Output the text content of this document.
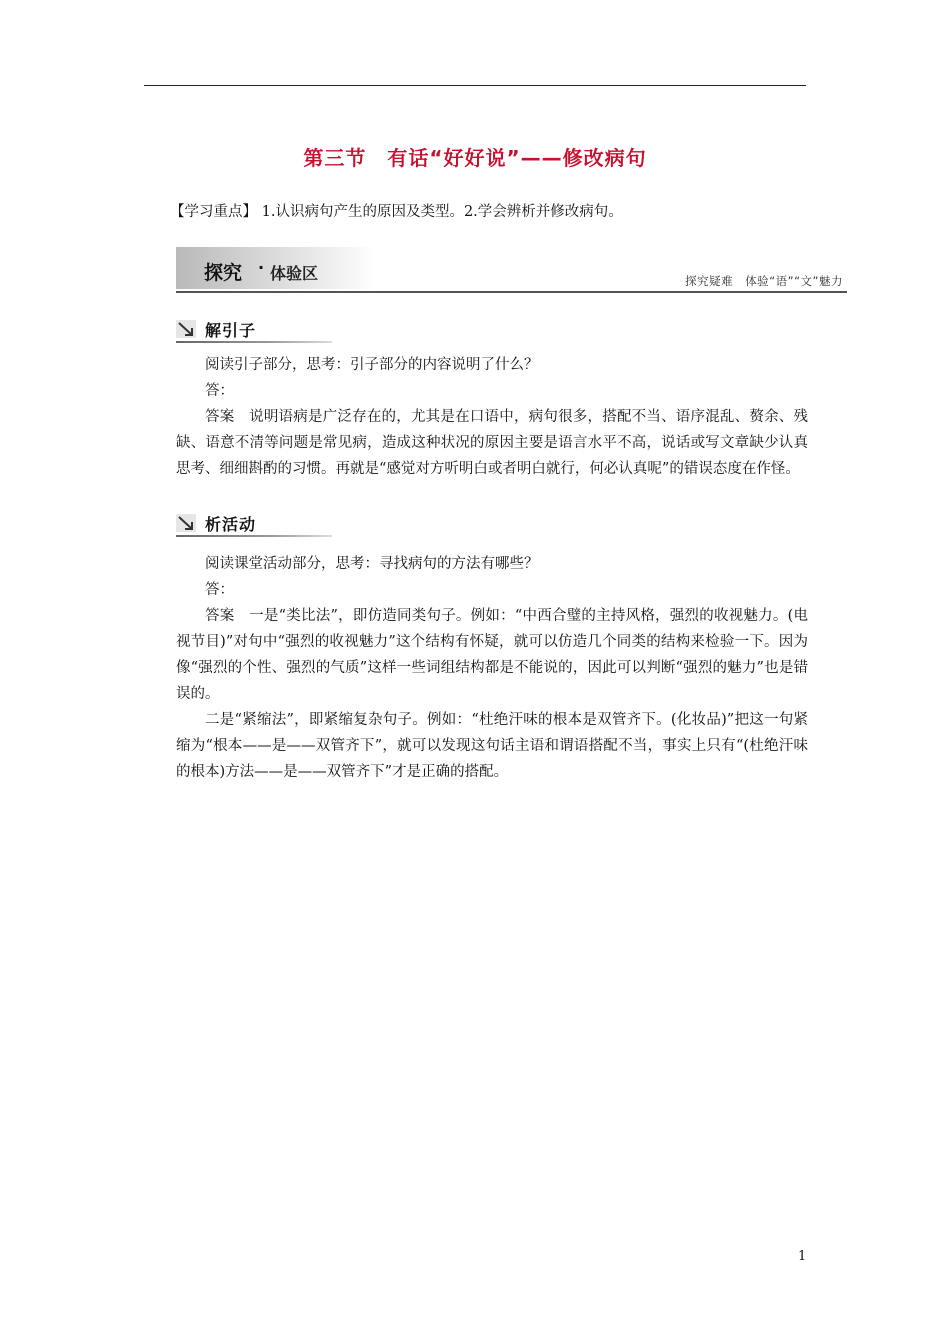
第三节　有话“好好说”——修改病句
【学习重点】 1.认识病句产生的原因及类型。2.学会辨析并修改病句。
探究 · 体验区	探究疑难　体验“语”“文”魅力
解引子

阅读引子部分，思考：引子部分的内容说明了什么？

答：

答案　说明语病是广泛存在的，尤其是在口语中，病句很多，搭配不当、语序混乱、赘余、残缺、语意不清等问题是常见病，造成这种状况的原因主要是语言水平不高，说话或写文章缺少认真思考、细细斟酌的习惯。再就是“感觉对方听明白或者明白就行，何必认真呢”的错误态度在作怪。

析活动

阅读课堂活动部分，思考：寻找病句的方法有哪些？

答：

答案　一是“类比法”，即仿造同类句子。例如：“中西合璧的主持风格，强烈的收视魅力。(电视节目)”对句中“强烈的收视魅力”这个结构有怀疑，就可以仿造几个同类的结构来检验一下。因为像“强烈的个性、强烈的气质”这样一些词组结构都是不能说的，因此可以判断“强烈的魅力”也是错误的。

二是“紧缩法”，即紧缩复杂句子。例如：“杜绝汗味的根本是双管齐下。(化妆品)”把这一句紧缩为“根本——是——双管齐下”，就可以发现这句话主语和谓语搭配不当，事实上只有“(杜绝汗味的根本)方法——是——双管齐下”才是正确的搭配。

1
